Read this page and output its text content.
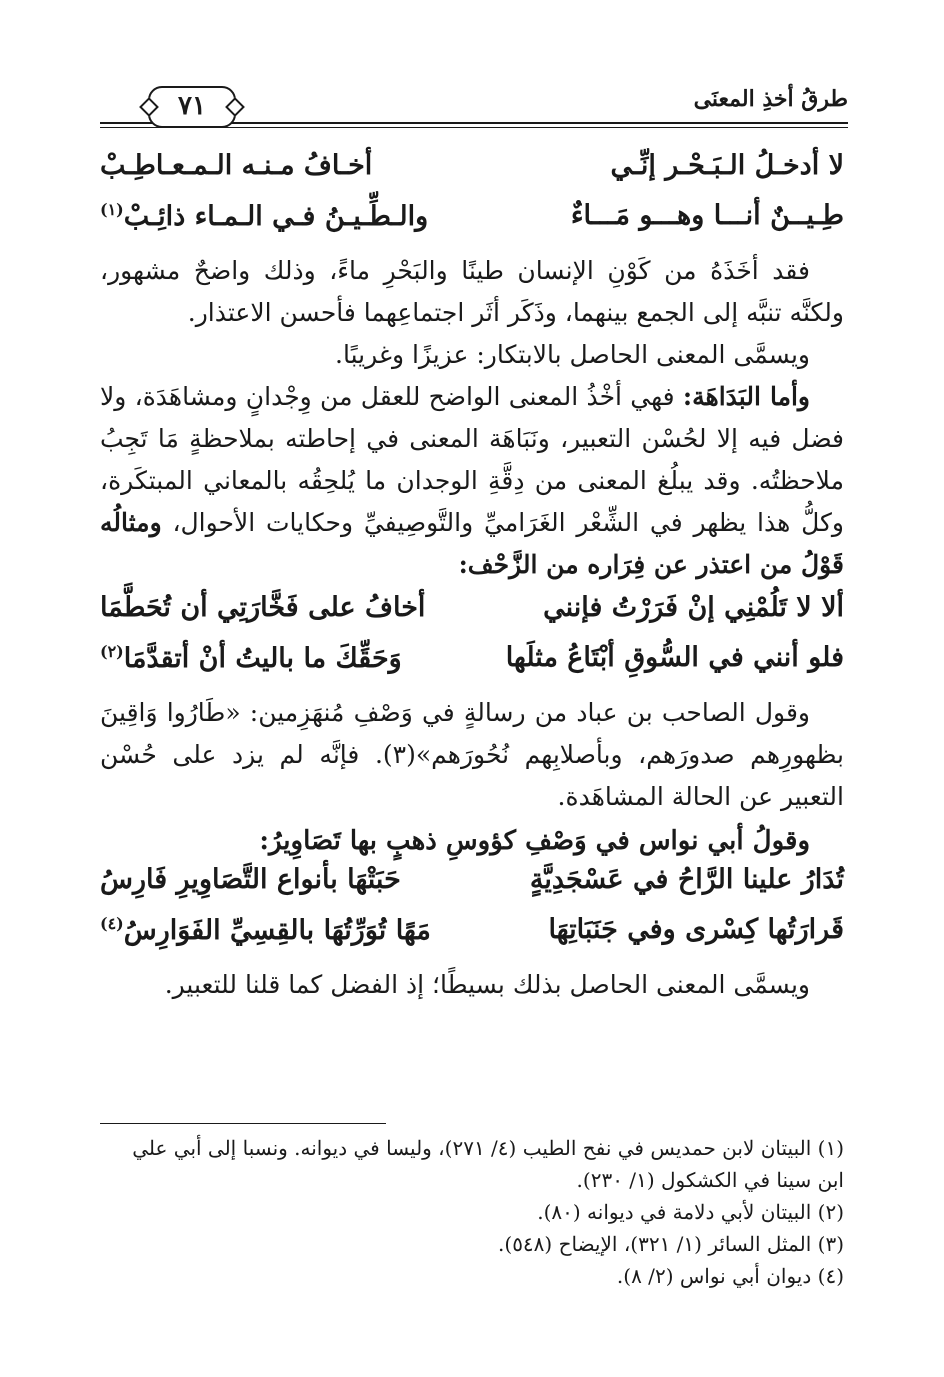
طرقُ أخذِ المعنَى
٧١
لا أدخـلُ الـبَـحْـر إنِّـي
أخـافُ مـنـه الـمـعـاطِـبْ
طِـيــنٌ أنـــا وهـــو مَـــاءٌ
والـطِّـيـنُ فـي الـمـاء ذائِـبْ$^{(١)}$

فقد أخَذَهُ من كَوْنِ الإنسان طينًا والبَحْرِ ماءً، وذلك واضحٌ مشهور، ولكنَّه تنبَّه إلى الجمع بينهما، وذَكَر أثَر اجتماعِهما فأحسن الاعتذار.

ويسمَّى المعنى الحاصل بالابتكار: عزيزًا وغريبًا.

وأما البَدَاهَة: فهي أخْذُ المعنى الواضح للعقل من وِجْدانٍ ومشاهَدَة، ولا فضل فيه إلا لحُسْن التعبير، ونَبَاهَة المعنى في إحاطته بملاحظةٍ مَا تَجِبُ ملاحظتُه. وقد يبلُغ المعنى من دِقَّةِ الوجدان ما يُلحِقُه بالمعاني المبتكَرة، وكلُّ هذا يظهر في الشِّعْر الغَرَاميِّ والتَّوصِيفيِّ وحكايات الأحوال، ومثالُه قَوْلُ من اعتذر عن فِرَاره من الزَّحْف:

ألا لا تَلُمْنِي إنْ فَرَرْتُ فإنني
أخافُ على فَخَّارَتِي أن تُحَطَّمَا
فلو أنني في السُّوقِ أبْتَاعُ مثلَها
وَحَقِّكَ ما باليتُ أنْ أتقدَّمَا$^{(٢)}$

وقول الصاحب بن عباد من رسالةٍ في وَصْفِ مُنهَزِمين: «طَارُوا وَاقِينَ بظهورِهم صدورَهم، وبأصلابِهم نُحُورَهم»(٣). فإنَّه لم يزد على حُسْن التعبير عن الحالة المشاهَدة.

وقولُ أبي نواس في وَصْفِ كؤوسِ ذهبٍ بها تَصَاوِيرُ:
تُدَارُ علينا الرَّاحُ في عَسْجَدِيَّةٍ
حَبَتْهَا بأنواع التَّصَاوِيرِ فَارِسُ
قَرارَتُها كِسْرى وفي جَنَبَاتِهَا
مَهًا تُوَرِّتُهَا بالقِسِيِّ الفَوَارِسُ$^{(٤)}$

ويسمَّى المعنى الحاصل بذلك بسيطًا؛ إذ الفضل كما قلنا للتعبير.

(١) البيتان لابن حمديس في نفح الطيب (٤/ ٢٧١)، وليسا في ديوانه. ونسبا إلى أبي علي ابن سينا في الكشكول (١/ ٢٣٠).

(٢) البيتان لأبي دلامة في ديوانه (٨٠).

(٣) المثل السائر (١/ ٣٢١)، الإيضاح (٥٤٨).

(٤) ديوان أبي نواس (٢/ ٨).
